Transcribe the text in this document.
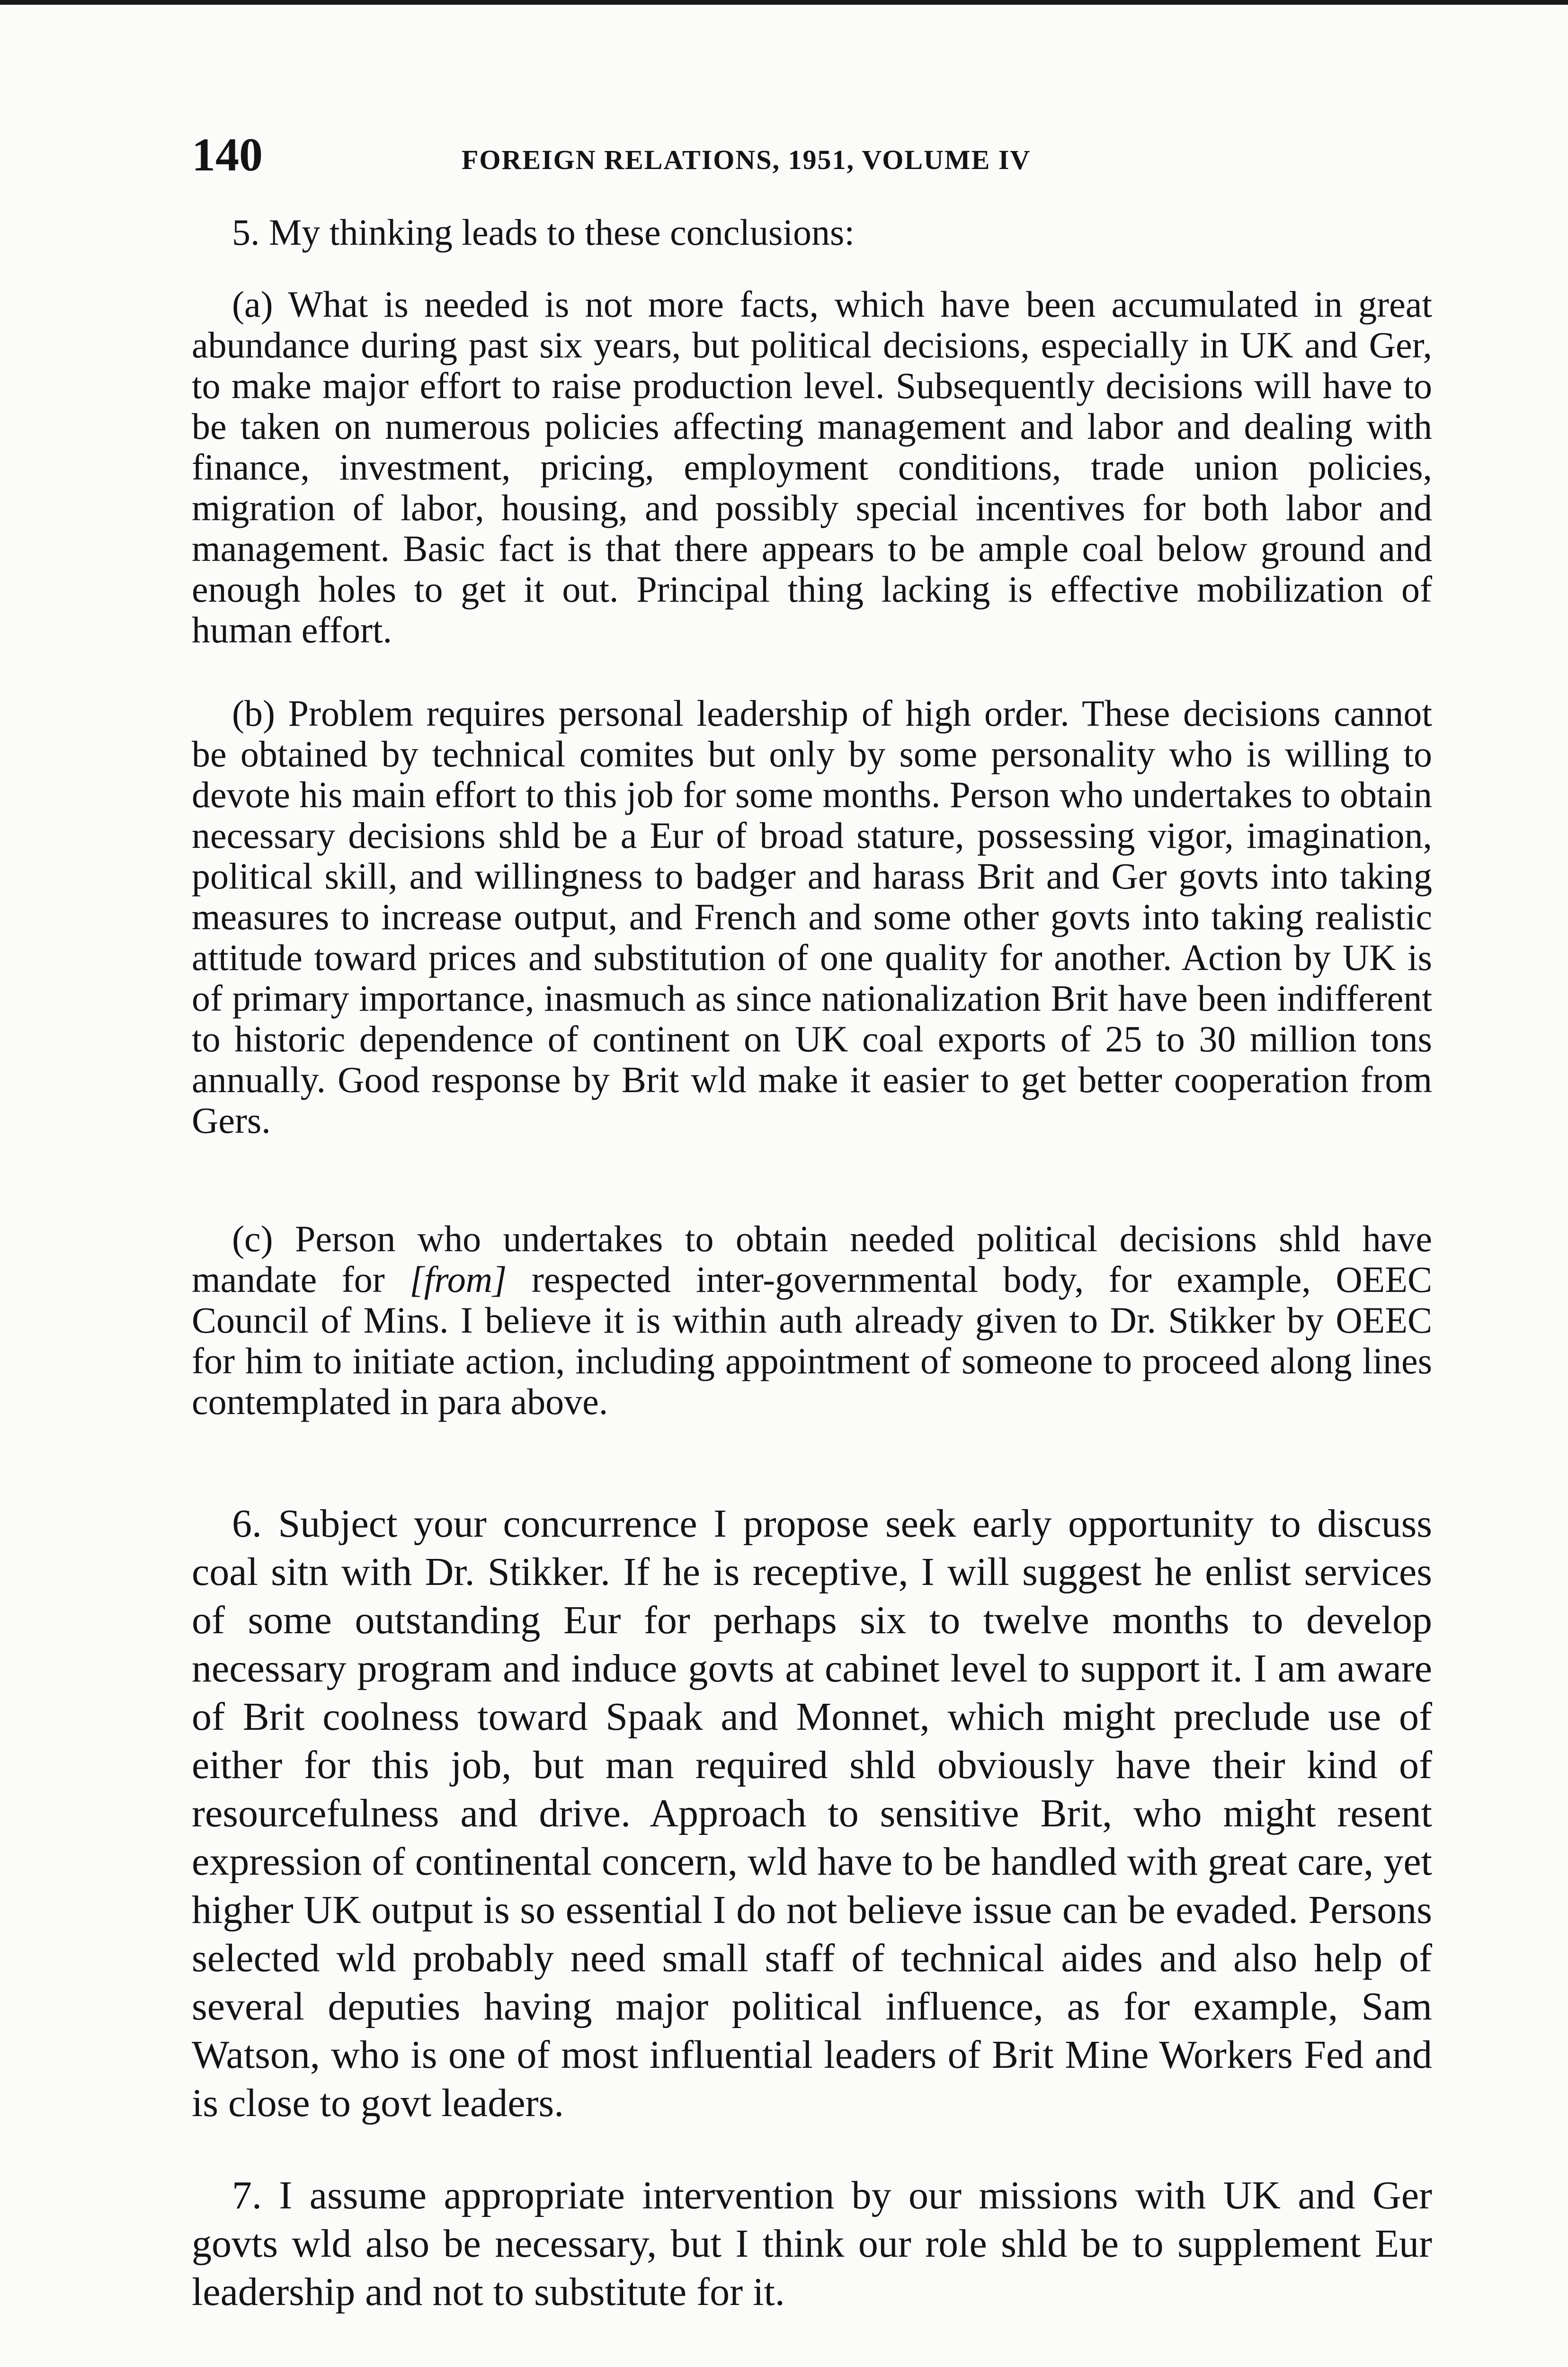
140	FOREIGN RELATIONS, 1951, VOLUME IV
5. My thinking leads to these conclusions:

(a) What is needed is not more facts, which have been accumulated in great abundance during past six years, but political decisions, especially in UK and Ger, to make major effort to raise production level. Subsequently decisions will have to be taken on numerous policies affecting management and labor and dealing with finance, investment, pricing, employment conditions, trade union policies, migration of labor, housing, and possibly special incentives for both labor and management. Basic fact is that there appears to be ample coal below ground and enough holes to get it out. Principal thing lacking is effective mobilization of human effort.

(b) Problem requires personal leadership of high order. These decisions cannot be obtained by technical comites but only by some personality who is willing to devote his main effort to this job for some months. Person who undertakes to obtain necessary decisions shld be a Eur of broad stature, possessing vigor, imagination, political skill, and willingness to badger and harass Brit and Ger govts into taking measures to increase output, and French and some other govts into taking realistic attitude toward prices and substitution of one quality for another. Action by UK is of primary importance, inasmuch as since nationalization Brit have been indifferent to historic dependence of continent on UK coal exports of 25 to 30 million tons annually. Good response by Brit wld make it easier to get better cooperation from Gers.

(c) Person who undertakes to obtain needed political decisions shld have mandate for [from] respected inter-governmental body, for example, OEEC Council of Mins. I believe it is within auth already given to Dr. Stikker by OEEC for him to initiate action, including appointment of someone to proceed along lines contemplated in para above.

6. Subject your concurrence I propose seek early opportunity to discuss coal sitn with Dr. Stikker. If he is receptive, I will suggest he enlist services of some outstanding Eur for perhaps six to twelve months to develop necessary program and induce govts at cabinet level to support it. I am aware of Brit coolness toward Spaak and Monnet, which might preclude use of either for this job, but man required shld obviously have their kind of resourcefulness and drive. Approach to sensitive Brit, who might resent expression of continental concern, wld have to be handled with great care, yet higher UK output is so essential I do not believe issue can be evaded. Persons selected wld probably need small staff of technical aides and also help of several deputies having major political influence, as for example, Sam Watson, who is one of most influential leaders of Brit Mine Workers Fed and is close to govt leaders.

7. I assume appropriate intervention by our missions with UK and Ger govts wld also be necessary, but I think our role shld be to supplement Eur leadership and not to substitute for it.
